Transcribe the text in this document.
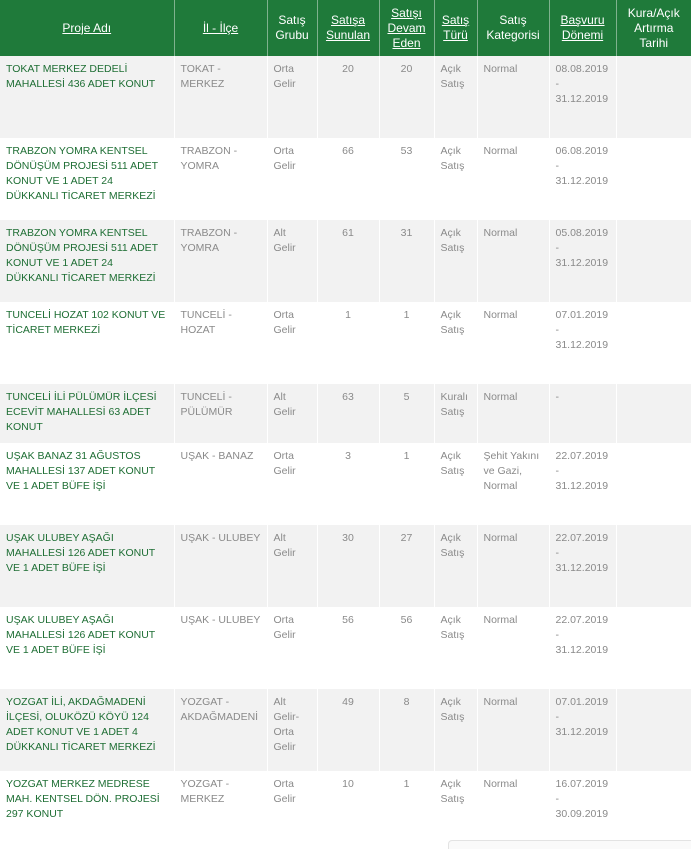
Proje Adı	İl - İlçe	Satış Grubu	Satışa Sunulan	Satışı Devam Eden	Satış Türü	Satış Kategorisi	Başvuru Dönemi	Kura/Açık Artırma Tarihi
TOKAT MERKEZ DEDELİ MAHALLESİ 436 ADET KONUT	TOKAT - MERKEZ	Orta Gelir	20	20	Açık Satış	Normal	08.08.2019 - 31.12.2019	
TRABZON YOMRA KENTSEL DÖNÜŞÜM PROJESİ 511 ADET KONUT VE 1 ADET 24 DÜKKANLI TİCARET MERKEZİ	TRABZON - YOMRA	Orta Gelir	66	53	Açık Satış	Normal	06.08.2019 - 31.12.2019	
TRABZON YOMRA KENTSEL DÖNÜŞÜM PROJESİ 511 ADET KONUT VE 1 ADET 24 DÜKKANLI TİCARET MERKEZİ	TRABZON - YOMRA	Alt Gelir	61	31	Açık Satış	Normal	05.08.2019 - 31.12.2019	
TUNCELİ HOZAT 102 KONUT VE TİCARET MERKEZİ	TUNCELİ - HOZAT	Orta Gelir	1	1	Açık Satış	Normal	07.01.2019 - 31.12.2019	
TUNCELİ İLİ PÜLÜMÜR İLÇESİ ECEVİT MAHALLESİ 63 ADET KONUT	TUNCELİ - PÜLÜMÜR	Alt Gelir	63	5	Kuralı Satış	Normal	-	
UŞAK BANAZ 31 AĞUSTOS MAHALLESİ 137 ADET KONUT VE 1 ADET BÜFE İŞİ	UŞAK - BANAZ	Orta Gelir	3	1	Açık Satış	Şehit Yakını ve Gazi, Normal	22.07.2019 - 31.12.2019	
UŞAK ULUBEY AŞAĞI MAHALLESİ 126 ADET KONUT VE 1 ADET BÜFE İŞİ	UŞAK - ULUBEY	Alt Gelir	30	27	Açık Satış	Normal	22.07.2019 - 31.12.2019	
UŞAK ULUBEY AŞAĞI MAHALLESİ 126 ADET KONUT VE 1 ADET BÜFE İŞİ	UŞAK - ULUBEY	Orta Gelir	56	56	Açık Satış	Normal	22.07.2019 - 31.12.2019	
YOZGAT İLİ, AKDAĞMADENİ İLÇESİ, OLUKÖZÜ KÖYÜ 124 ADET KONUT VE 1 ADET 4 DÜKKANLI TİCARET MERKEZİ	YOZGAT - AKDAĞMADENİ	Alt Gelir-Orta Gelir	49	8	Açık Satış	Normal	07.01.2019 - 31.12.2019	
YOZGAT MERKEZ MEDRESE MAH. KENTSEL DÖN. PROJESİ 297 KONUT	YOZGAT - MERKEZ	Orta Gelir	10	1	Açık Satış	Normal	16.07.2019 - 30.09.2019	
